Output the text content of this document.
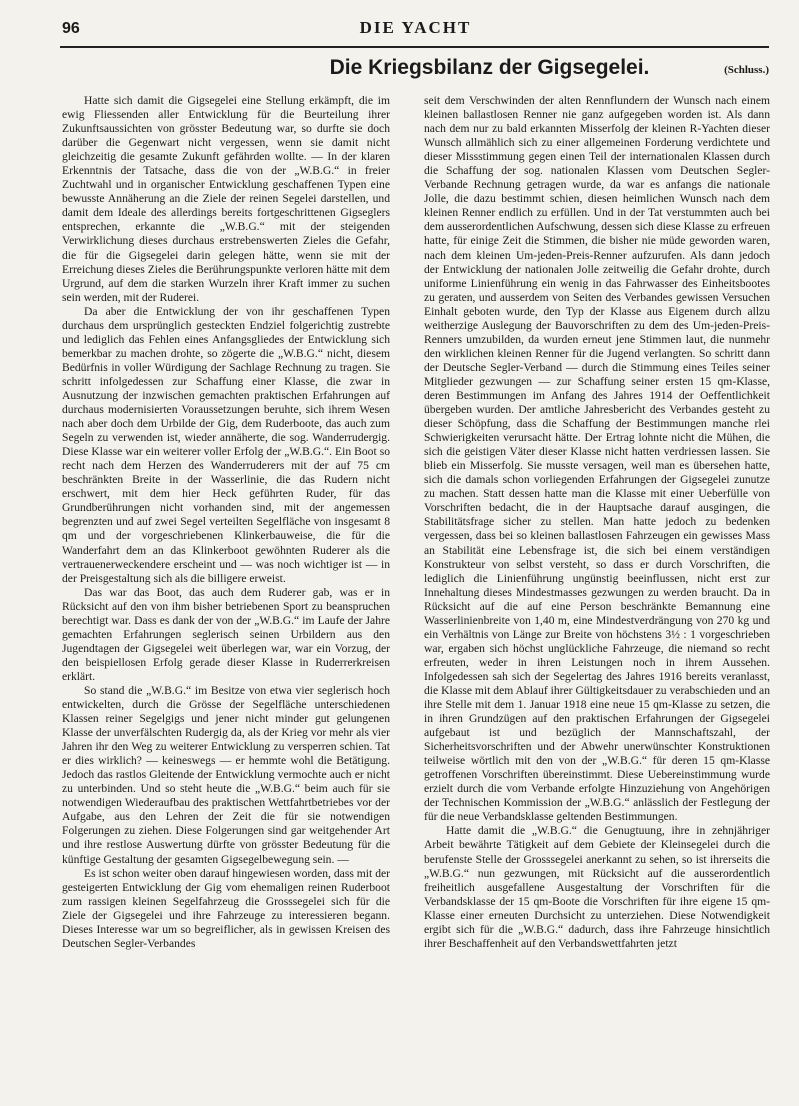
96	DIE YACHT
Die Kriegsbilanz der Gigsegelei.	(Schluss.)

Hatte sich damit die Gigsegelei eine Stellung erkämpft, die im ewig Fliessenden aller Entwicklung für die Beurteilung ihrer Zukunftsaussichten von grösster Bedeutung war, so durfte sie doch darüber die Gegenwart nicht vergessen, wenn sie damit nicht gleichzeitig die gesamte Zukunft gefährden wollte. — In der klaren Erkenntnis der Tatsache, dass die von der „W.B.G.“ in freier Zuchtwahl und in organischer Entwicklung geschaffenen Typen eine bewusste Annäherung an die Ziele der reinen Segelei darstellen, und damit dem Ideale des allerdings bereits fortgeschrittenen Gigseglers entsprechen, erkannte die „W.B.G.“ mit der steigenden Verwirklichung dieses durchaus erstrebenswerten Zieles die Gefahr, die für die Gigsegelei darin gelegen hätte, wenn sie mit der Erreichung dieses Zieles die Berührungspunkte verloren hätte mit dem Urgrund, auf dem die starken Wurzeln ihrer Kraft immer zu suchen sein werden, mit der Ruderei.

Da aber die Entwicklung der von ihr geschaffenen Typen durchaus dem ursprünglich gesteckten Endziel folgerichtig zustrebte und lediglich das Fehlen eines Anfangsgliedes der Entwicklung sich bemerkbar zu machen drohte, so zögerte die „W.B.G.“ nicht, diesem Bedürfnis in voller Würdigung der Sachlage Rechnung zu tragen. Sie schritt infolgedessen zur Schaffung einer Klasse, die zwar in Ausnutzung der inzwischen gemachten praktischen Erfahrungen auf durchaus modernisierten Voraussetzungen beruhte, sich ihrem Wesen nach aber doch dem Urbilde der Gig, dem Ruderboote, das auch zum Segeln zu verwenden ist, wieder annäherte, die sog. Wanderrudergig. Diese Klasse war ein weiterer voller Erfolg der „W.B.G.“. Ein Boot so recht nach dem Herzen des Wanderruderers mit der auf 75 cm beschränkten Breite in der Wasserlinie, die das Rudern nicht erschwert, mit dem hier Heck geführten Ruder, für das Grundberührungen nicht vorhanden sind, mit der angemessen begrenzten und auf zwei Segel verteilten Segelfläche von insgesamt 8 qm und der vorgeschriebenen Klinkerbauweise, die für die Wanderfahrt dem an das Klinkerboot gewöhnten Ruderer als die vertrauenerweckendere erscheint und — was noch wichtiger ist — in der Preisgestaltung sich als die billigere erweist.

Das war das Boot, das auch dem Ruderer gab, was er in Rücksicht auf den von ihm bisher betriebenen Sport zu beanspruchen berechtigt war. Dass es dank der von der „W.B.G.“ im Laufe der Jahre gemachten Erfahrungen seglerisch seinen Urbildern aus den Jugendtagen der Gigsegelei weit überlegen war, war ein Vorzug, der den beispiellosen Erfolg gerade dieser Klasse in Ruderrerkreisen erklärt.

So stand die „W.B.G.“ im Besitze von etwa vier seglerisch hoch entwickelten, durch die Grösse der Segelfläche unterschiedenen Klassen reiner Segelgigs und jener nicht minder gut gelungenen Klasse der unverfälschten Rudergig da, als der Krieg vor mehr als vier Jahren ihr den Weg zu weiterer Entwicklung zu versperren schien. Tat er dies wirklich? — keineswegs — er hemmte wohl die Betätigung. Jedoch das rastlos Gleitende der Entwicklung vermochte auch er nicht zu unterbinden. Und so steht heute die „W.B.G.“ beim auch für sie notwendigen Wiederaufbau des praktischen Wettfahrtbetriebes vor der Aufgabe, aus den Lehren der Zeit die für sie notwendigen Folgerungen zu ziehen. Diese Folgerungen sind gar weitgehender Art und ihre restlose Auswertung dürfte von grösster Bedeutung für die künftige Gestaltung der gesamten Gigsegelbewegung sein. —

Es ist schon weiter oben darauf hingewiesen worden, dass mit der gesteigerten Entwicklung der Gig vom ehemaligen reinen Ruderboot zum rassigen kleinen Segelfahrzeug die Grosssegelei sich für die Ziele der Gigsegelei und ihre Fahrzeuge zu interessieren begann. Dieses Interesse war um so begreiflicher, als in gewissen Kreisen des Deutschen Segler-Verbandes

seit dem Verschwinden der alten Rennflundern der Wunsch nach einem kleinen ballastlosen Renner nie ganz aufgegeben worden ist. Als dann nach dem nur zu bald erkannten Misserfolg der kleinen R-Yachten dieser Wunsch allmählich sich zu einer allgemeinen Forderung verdichtete und dieser Missstimmung gegen einen Teil der internationalen Klassen durch die Schaffung der sog. nationalen Klassen vom Deutschen Segler-Verbande Rechnung getragen wurde, da war es anfangs die nationale Jolle, die dazu bestimmt schien, diesen heimlichen Wunsch nach dem kleinen Renner endlich zu erfüllen. Und in der Tat verstummten auch bei dem ausserordentlichen Aufschwung, dessen sich diese Klasse zu erfreuen hatte, für einige Zeit die Stimmen, die bisher nie müde geworden waren, nach dem kleinen Um-jeden-Preis-Renner aufzurufen. Als dann jedoch der Entwicklung der nationalen Jolle zeitweilig die Gefahr drohte, durch uniforme Linienführung ein wenig in das Fahrwasser des Einheitsbootes zu geraten, und ausserdem von Seiten des Verbandes gewissen Versuchen Einhalt geboten wurde, den Typ der Klasse aus Eigenem durch allzu weitherzige Auslegung der Bauvorschriften zu dem des Um-jeden-Preis-Renners umzubilden, da wurden erneut jene Stimmen laut, die nunmehr den wirklichen kleinen Renner für die Jugend verlangten. So schritt dann der Deutsche Segler-Verband — durch die Stimmung eines Teiles seiner Mitglieder gezwungen — zur Schaffung seiner ersten 15 qm-Klasse, deren Bestimmungen im Anfang des Jahres 1914 der Oeffentlichkeit übergeben wurden. Der amtliche Jahresbericht des Verbandes gesteht zu dieser Schöpfung, dass die Schaffung der Bestimmungen manche rlei Schwierigkeiten verursacht hätte. Der Ertrag lohnte nicht die Mühen, die sich die geistigen Väter dieser Klasse nicht hatten verdriessen lassen. Sie blieb ein Misserfolg. Sie musste versagen, weil man es übersehen hatte, sich die damals schon vorliegenden Erfahrungen der Gigsegelei zunutze zu machen. Statt dessen hatte man die Klasse mit einer Ueberfülle von Vorschriften bedacht, die in der Hauptsache darauf ausgingen, die Stabilitätsfrage sicher zu stellen. Man hatte jedoch zu bedenken vergessen, dass bei so kleinen ballastlosen Fahrzeugen ein gewisses Mass an Stabilität eine Lebensfrage ist, die sich bei einem verständigen Konstrukteur von selbst versteht, so dass er durch Vorschriften, die lediglich die Linienführung ungünstig beeinflussen, nicht erst zur Innehaltung dieses Mindestmasses gezwungen zu werden braucht. Da in Rücksicht auf die auf eine Person beschränkte Bemannung eine Wasserlinienbreite von 1,40 m, eine Mindestverdrängung von 270 kg und ein Verhältnis von Länge zur Breite von höchstens 3½ : 1 vorgeschrieben war, ergaben sich höchst unglückliche Fahrzeuge, die niemand so recht erfreuten, weder in ihren Leistungen noch in ihrem Aussehen. Infolgedessen sah sich der Segelertag des Jahres 1916 bereits veranlasst, die Klasse mit dem Ablauf ihrer Gültigkeitsdauer zu verabschieden und an ihre Stelle mit dem 1. Januar 1918 eine neue 15 qm-Klasse zu setzen, die in ihren Grundzügen auf den praktischen Erfahrungen der Gigsegelei aufgebaut ist und bezüglich der Mannschaftszahl, der Sicherheitsvorschriften und der Abwehr unerwünschter Konstruktionen teilweise wörtlich mit den von der „W.B.G.“ für deren 15 qm-Klasse getroffenen Vorschriften übereinstimmt. Diese Uebereinstimmung wurde erzielt durch die vom Verbande erfolgte Hinzuziehung von Angehörigen der Technischen Kommission der „W.B.G.“ anlässlich der Festlegung der für die neue Verbandsklasse geltenden Bestimmungen.

Hatte damit die „W.B.G.“ die Genugtuung, ihre in zehnjähriger Arbeit bewährte Tätigkeit auf dem Gebiete der Kleinsegelei durch die berufenste Stelle der Grosssegelei anerkannt zu sehen, so ist ihrerseits die „W.B.G.“ nun gezwungen, mit Rücksicht auf die ausserordentlich freiheitlich ausgefallene Ausgestaltung der Vorschriften für die Verbandsklasse der 15 qm-Boote die Vorschriften für ihre eigene 15 qm-Klasse einer erneuten Durchsicht zu unterziehen. Diese Notwendigkeit ergibt sich für die „W.B.G.“ dadurch, dass ihre Fahrzeuge hinsichtlich ihrer Beschaffenheit auf den Verbandswettfahrten jetzt
